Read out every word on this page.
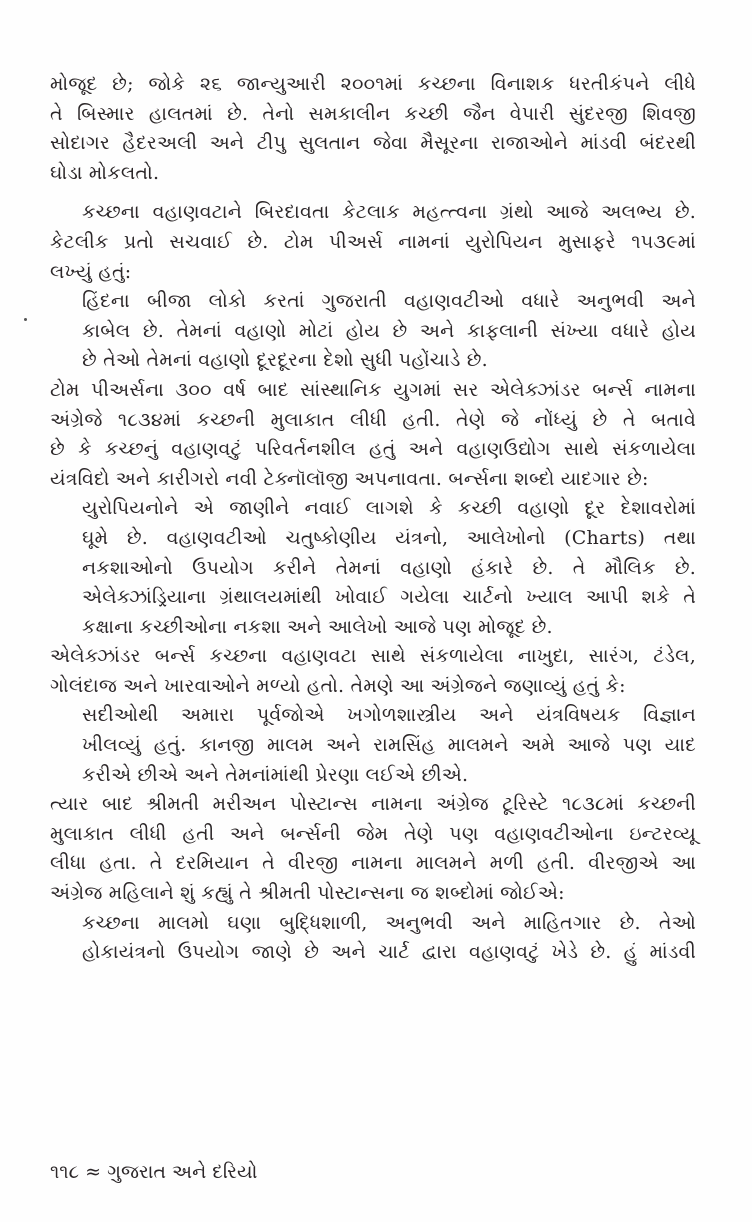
મોજૂદ છે; જોકે ૨૬ જાન્યુઆરી ૨૦૦૧માં કચ્છના વિનાશક ધરતીકંપને લીધે
તે બિસ્માર હાલતમાં છે. તેનો સમકાલીન કચ્છી જૈન વેપારી સુંદરજી શિવજી
સોદાગર હૈદરઅલી અને ટીપુ સુલતાન જેવા મૈસૂરના રાજાઓને માંડવી બંદરથી
ઘોડા મોકલતો.
કચ્છના વહાણવટાને બિરદાવતા કેટલાક મહત્ત્વના ગ્રંથો આજે અલભ્ય છે.
કેટલીક પ્રતો સચવાઈ છે. ટોમ પીઅર્સ નામનાં યુરોપિયન મુસાફરે ૧૫૩૯માં
લખ્યું હતું:
હિંદના બીજા લોકો કરતાં ગુજરાતી વહાણવટીઓ વધારે અનુભવી અને
કાબેલ છે. તેમનાં વહાણો મોટાં હોય છે અને કાફલાની સંખ્યા વધારે હોય
છે તેઓ તેમનાં વહાણો દૂરદૂરના દેશો સુધી પહોંચાડે છે.
ટોમ પીઅર્સના ૩૦૦ વર્ષ બાદ સાંસ્થાનિક યુગમાં સર એલેક્ઝાંડર બર્ન્સ નામના
અંગ્રેજે ૧૮૩૪માં કચ્છની મુલાકાત લીધી હતી. તેણે જે નોંધ્યું છે તે બતાવે
છે કે કચ્છનું વહાણવટું પરિવર્તનશીલ હતું અને વહાણઉદ્યોગ સાથે સંકળાયેલા
યંત્રવિદો અને કારીગરો નવી ટેક્નૉલૉજી અપનાવતા. બર્ન્સના શબ્દો યાદગાર છે:
યુરોપિયનોને એ જાણીને નવાઈ લાગશે કે કચ્છી વહાણો દૂર દેશાવરોમાં
ઘૂમે છે. વહાણવટીઓ ચતુષ્કોણીય યંત્રનો, આલેખોનો (Charts) તથા
નકશાઓનો ઉપયોગ કરીને તેમનાં વહાણો હંકારે છે. તે મૌલિક છે.
એલેક્ઝાંડ્રિયાના ગ્રંથાલયમાંથી ખોવાઈ ગયેલા ચાર્ટનો ખ્યાલ આપી શકે તે
કક્ષાના કચ્છીઓના નકશા અને આલેખો આજે પણ મોજૂદ છે.
એલેક્ઝાંડર બર્ન્સ કચ્છના વહાણવટા સાથે સંકળાયેલા નાખુદા, સારંગ, ટંડેલ,
ગોલંદાજ અને ખારવાઓને મળ્યો હતો. તેમણે આ અંગ્રેજને જણાવ્યું હતું કે:
સદીઓથી અમારા પૂર્વજોએ ખગોળશાસ્ત્રીય અને યંત્રવિષયક વિજ્ઞાન
ખીલવ્યું હતું. કાનજી માલમ અને રામસિંહ માલમને અમે આજે પણ યાદ
કરીએ છીએ અને તેમનાંમાંથી પ્રેરણા લઈએ છીએ.
ત્યાર બાદ શ્રીમતી મરીઅન પોસ્ટાન્સ નામના અંગ્રેજ ટૂરિસ્ટે ૧૮૩૮માં કચ્છની
મુલાકાત લીધી હતી અને બર્ન્સની જેમ તેણે પણ વહાણવટીઓના ઇન્ટરવ્યૂ
લીધા હતા. તે દરમિયાન તે વીરજી નામના માલમને મળી હતી. વીરજીએ આ
અંગ્રેજ મહિલાને શું કહ્યું તે શ્રીમતી પોસ્ટાન્સના જ શબ્દોમાં જોઈએ:
કચ્છના માલમો ઘણા બુદ્ધિશાળી, અનુભવી અને માહિતગાર છે. તેઓ
હોકાયંત્રનો ઉપયોગ જાણે છે અને ચાર્ટ દ્વારા વહાણવટું ખેડે છે. હું માંડવી
૧૧૮ ≈ ગુજરાત અને દરિયો
